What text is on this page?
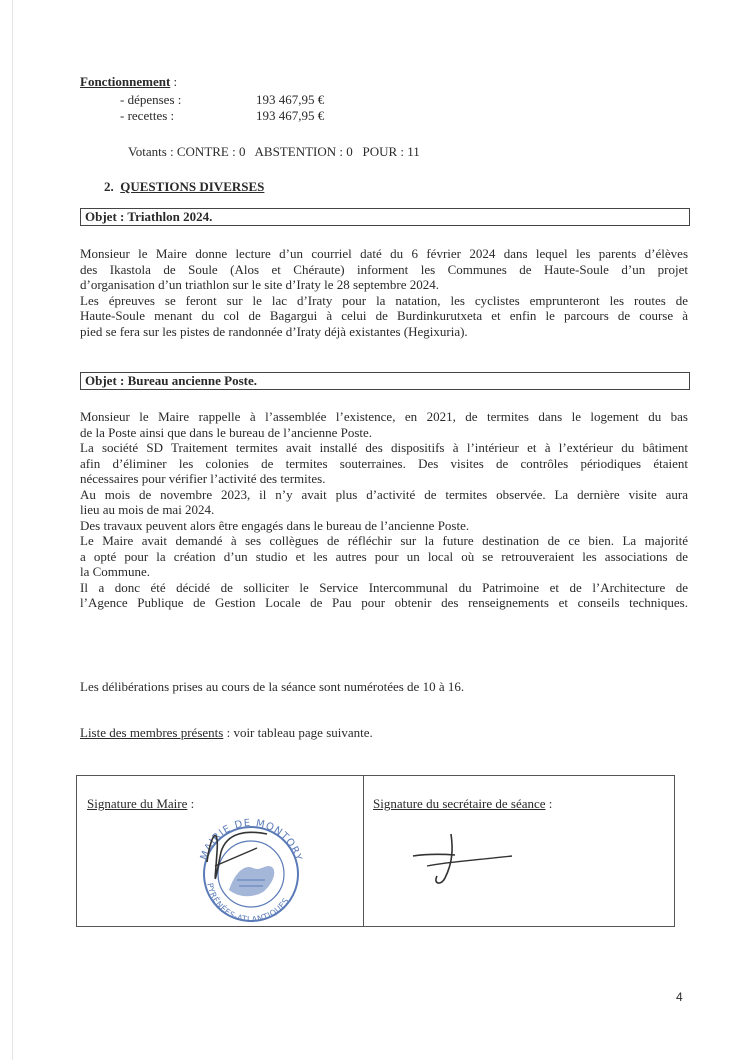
Fonctionnement :
- dépenses :	193 467,95 €
- recettes :	193 467,95 €
Votants : CONTRE : 0   ABSTENTION : 0   POUR : 11
2. QUESTIONS DIVERSES
Objet : Triathlon 2024.
Monsieur le Maire donne lecture d’un courriel daté du 6 février 2024 dans lequel les parents d’élèves
des Ikastola de Soule (Alos et Chéraute) informent les Communes de Haute-Soule d’un projet
d’organisation d’un triathlon sur le site d’Iraty le 28 septembre 2024.
Les épreuves se feront sur le lac d’Iraty pour la natation, les cyclistes emprunteront les routes de
Haute-Soule menant du col de Bagargui à celui de Burdinkurutxeta et enfin le parcours de course à
pied se fera sur les pistes de randonnée d’Iraty déjà existantes (Hegixuria).
Objet : Bureau ancienne Poste.
Monsieur le Maire rappelle à l’assemblée l’existence, en 2021, de termites dans le logement du bas
de la Poste ainsi que dans le bureau de l’ancienne Poste.
La société SD Traitement termites avait installé des dispositifs à l’intérieur et à l’extérieur du bâtiment
afin d’éliminer les colonies de termites souterraines. Des visites de contrôles périodiques étaient
nécessaires pour vérifier l’activité des termites.
Au mois de novembre 2023, il n’y avait plus d’activité de termites observée. La dernière visite aura
lieu au mois de mai 2024.
Des travaux peuvent alors être engagés dans le bureau de l’ancienne Poste.
Le Maire avait demandé à ses collègues de réfléchir sur la future destination de ce bien. La majorité
a opté pour la création d’un studio et les autres pour un local où se retrouveraient les associations de
la Commune.
Il a donc été décidé de solliciter le Service Intercommunal du Patrimoine et de l’Architecture de
l’Agence Publique de Gestion Locale de Pau pour obtenir des renseignements et conseils techniques.
Les délibérations prises au cours de la séance sont numérotées de 10 à 16.
Liste des membres présents : voir tableau page suivante.
Signature du Maire :	Signature du secrétaire de séance :
MAIRIE DE MONTORY
PYRÉNÉES-ATLANTIQUES
4
